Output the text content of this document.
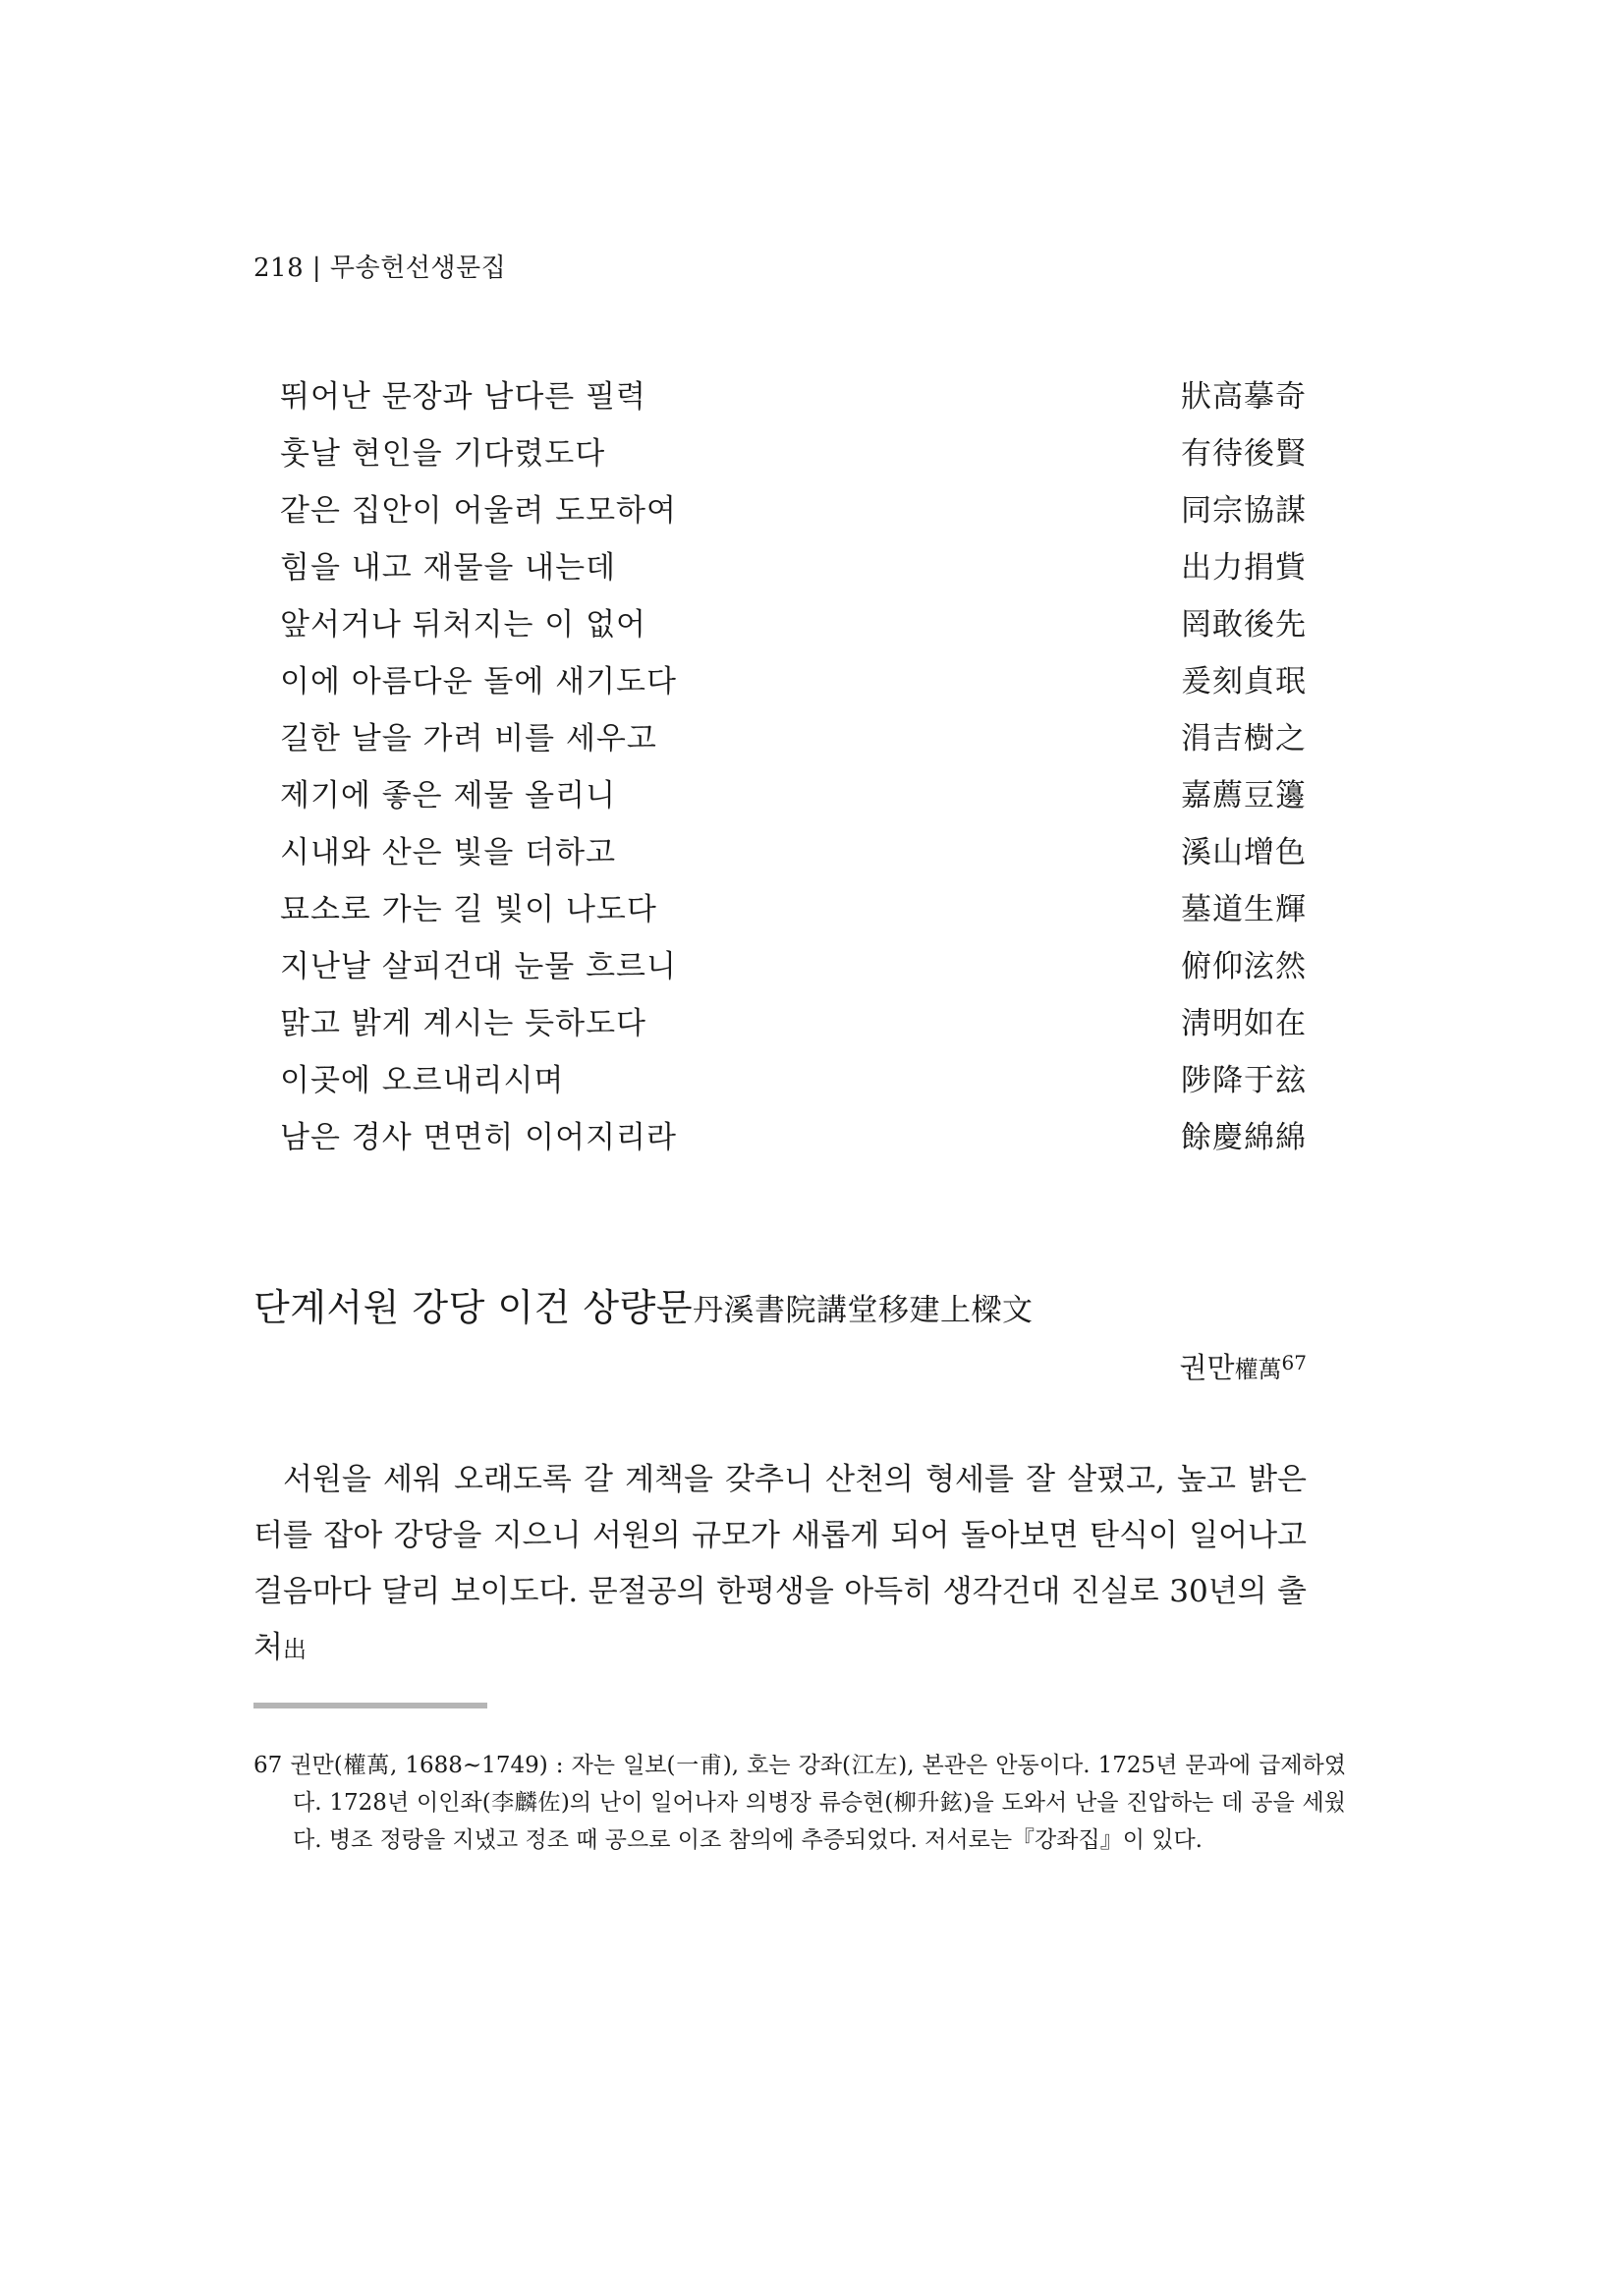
218 | 무송헌선생문집
뛰어난 문장과 남다른 필력	狀高摹奇
훗날 현인을 기다렸도다	有待後賢
같은 집안이 어울려 도모하여	同宗協謀
힘을 내고 재물을 내는데	出力捐貲
앞서거나 뒤처지는 이 없어	罔敢後先
이에 아름다운 돌에 새기도다	爰刻貞珉
길한 날을 가려 비를 세우고	涓吉樹之
제기에 좋은 제물 올리니	嘉薦豆籩
시내와 산은 빛을 더하고	溪山增色
묘소로 가는 길 빛이 나도다	墓道生輝
지난날 살피건대 눈물 흐르니	俯仰泫然
맑고 밝게 계시는 듯하도다	淸明如在
이곳에 오르내리시며	陟降于玆
남은 경사 면면히 이어지리라	餘慶綿綿
단계서원 강당 이건 상량문丹溪書院講堂移建上樑文
권만權萬$^{67}$

서원을 세워 오래도록 갈 계책을 갖추니 산천의 형세를 잘 살폈고, 높고 밝은 터를 잡아 강당을 지으니 서원의 규모가 새롭게 되어 돌아보면 탄식이 일어나고 걸음마다 달리 보이도다. 문절공의 한평생을 아득히 생각건대 진실로 30년의 출처出

67 권만(權萬, 1688~1749) : 자는 일보(一甫), 호는 강좌(江左), 본관은 안동이다. 1725년 문과에 급제하였다. 1728년 이인좌(李麟佐)의 난이 일어나자 의병장 류승현(柳升鉉)을 도와서 난을 진압하는 데 공을 세웠다. 병조 정랑을 지냈고 정조 때 공으로 이조 참의에 추증되었다. 저서로는『강좌집』이 있다.
